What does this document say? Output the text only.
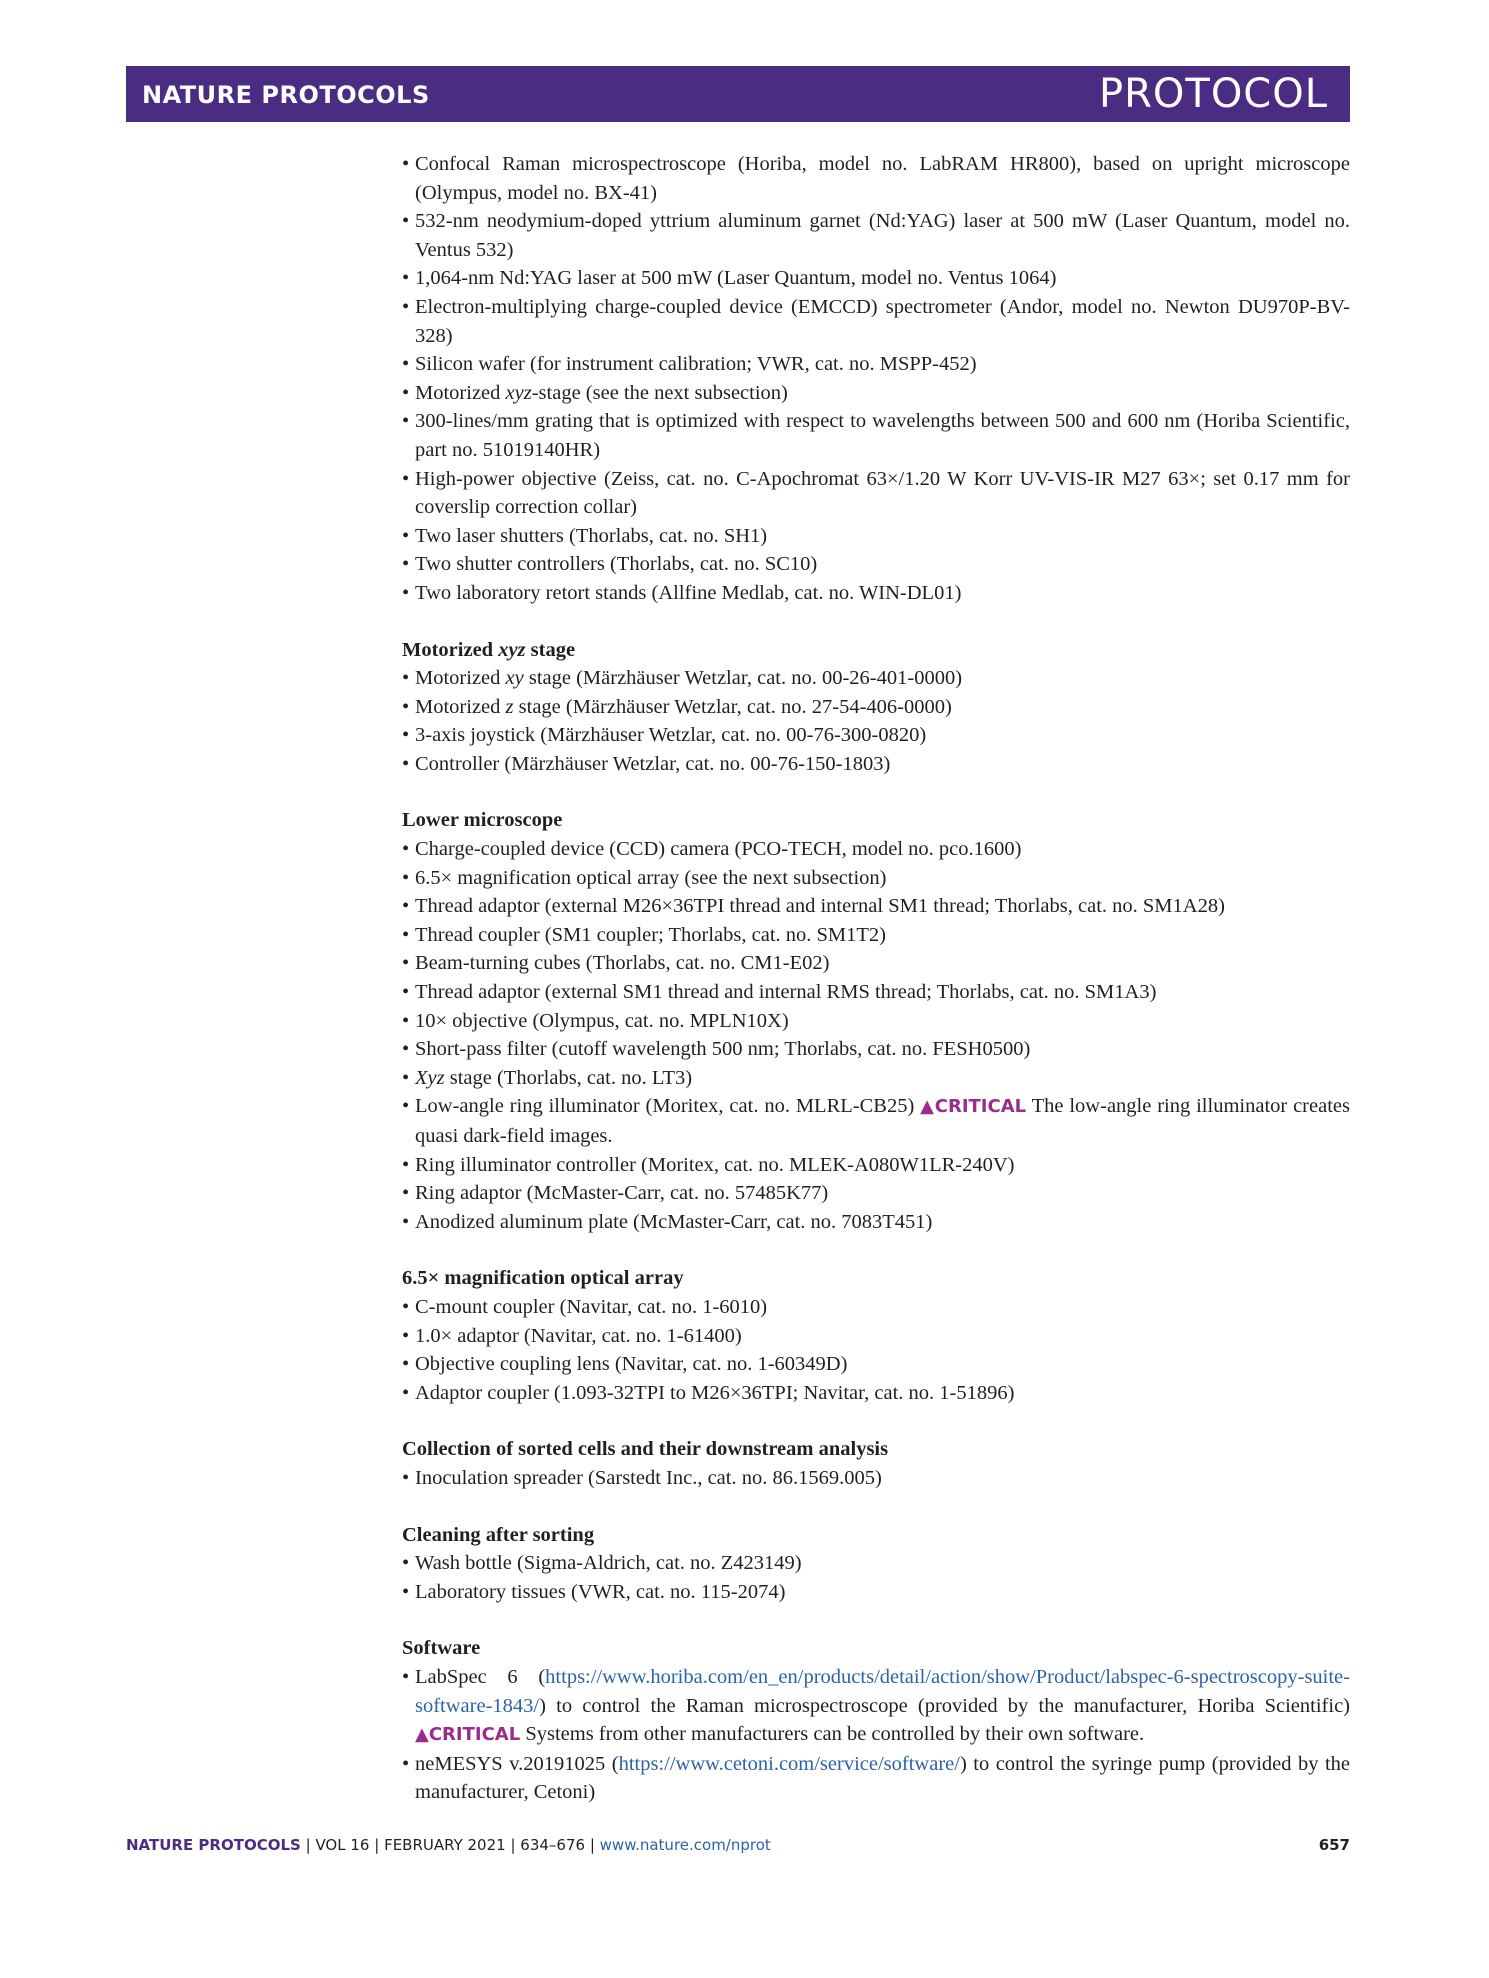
NATURE PROTOCOLS	PROTOCOL
• Confocal Raman microspectroscope (Horiba, model no. LabRAM HR800), based on upright microscope (Olympus, model no. BX-41)
• 532-nm neodymium-doped yttrium aluminum garnet (Nd:YAG) laser at 500 mW (Laser Quantum, model no. Ventus 532)
• 1,064-nm Nd:YAG laser at 500 mW (Laser Quantum, model no. Ventus 1064)
• Electron-multiplying charge-coupled device (EMCCD) spectrometer (Andor, model no. Newton DU970P-BV-328)
• Silicon wafer (for instrument calibration; VWR, cat. no. MSPP-452)
• Motorized xyz-stage (see the next subsection)
• 300-lines/mm grating that is optimized with respect to wavelengths between 500 and 600 nm (Horiba Scientific, part no. 51019140HR)
• High-power objective (Zeiss, cat. no. C-Apochromat 63×/1.20 W Korr UV-VIS-IR M27 63×; set 0.17 mm for coverslip correction collar)
• Two laser shutters (Thorlabs, cat. no. SH1)
• Two shutter controllers (Thorlabs, cat. no. SC10)
• Two laboratory retort stands (Allfine Medlab, cat. no. WIN-DL01)
Motorized xyz stage
• Motorized xy stage (Märzhäuser Wetzlar, cat. no. 00-26-401-0000)
• Motorized z stage (Märzhäuser Wetzlar, cat. no. 27-54-406-0000)
• 3-axis joystick (Märzhäuser Wetzlar, cat. no. 00-76-300-0820)
• Controller (Märzhäuser Wetzlar, cat. no. 00-76-150-1803)
Lower microscope
• Charge-coupled device (CCD) camera (PCO-TECH, model no. pco.1600)
• 6.5× magnification optical array (see the next subsection)
• Thread adaptor (external M26×36TPI thread and internal SM1 thread; Thorlabs, cat. no. SM1A28)
• Thread coupler (SM1 coupler; Thorlabs, cat. no. SM1T2)
• Beam-turning cubes (Thorlabs, cat. no. CM1-E02)
• Thread adaptor (external SM1 thread and internal RMS thread; Thorlabs, cat. no. SM1A3)
• 10× objective (Olympus, cat. no. MPLN10X)
• Short-pass filter (cutoff wavelength 500 nm; Thorlabs, cat. no. FESH0500)
• Xyz stage (Thorlabs, cat. no. LT3)
• Low-angle ring illuminator (Moritex, cat. no. MLRL-CB25) ▲CRITICAL The low-angle ring illuminator creates quasi dark-field images.
• Ring illuminator controller (Moritex, cat. no. MLEK-A080W1LR-240V)
• Ring adaptor (McMaster-Carr, cat. no. 57485K77)
• Anodized aluminum plate (McMaster-Carr, cat. no. 7083T451)
6.5× magnification optical array
• C-mount coupler (Navitar, cat. no. 1-6010)
• 1.0× adaptor (Navitar, cat. no. 1-61400)
• Objective coupling lens (Navitar, cat. no. 1-60349D)
• Adaptor coupler (1.093-32TPI to M26×36TPI; Navitar, cat. no. 1-51896)
Collection of sorted cells and their downstream analysis
• Inoculation spreader (Sarstedt Inc., cat. no. 86.1569.005)
Cleaning after sorting
• Wash bottle (Sigma-Aldrich, cat. no. Z423149)
• Laboratory tissues (VWR, cat. no. 115-2074)
Software
• LabSpec 6 (https://www.horiba.com/en_en/products/detail/action/show/Product/labspec-6-spectroscopy-suite-software-1843/) to control the Raman microspectroscope (provided by the manufacturer, Horiba Scientific) ▲CRITICAL Systems from other manufacturers can be controlled by their own software.
• neMESYS v.20191025 (https://www.cetoni.com/service/software/) to control the syringe pump (provided by the manufacturer, Cetoni)
NATURE PROTOCOLS | VOL 16 | FEBRUARY 2021 | 634–676 | www.nature.com/nprot	657
